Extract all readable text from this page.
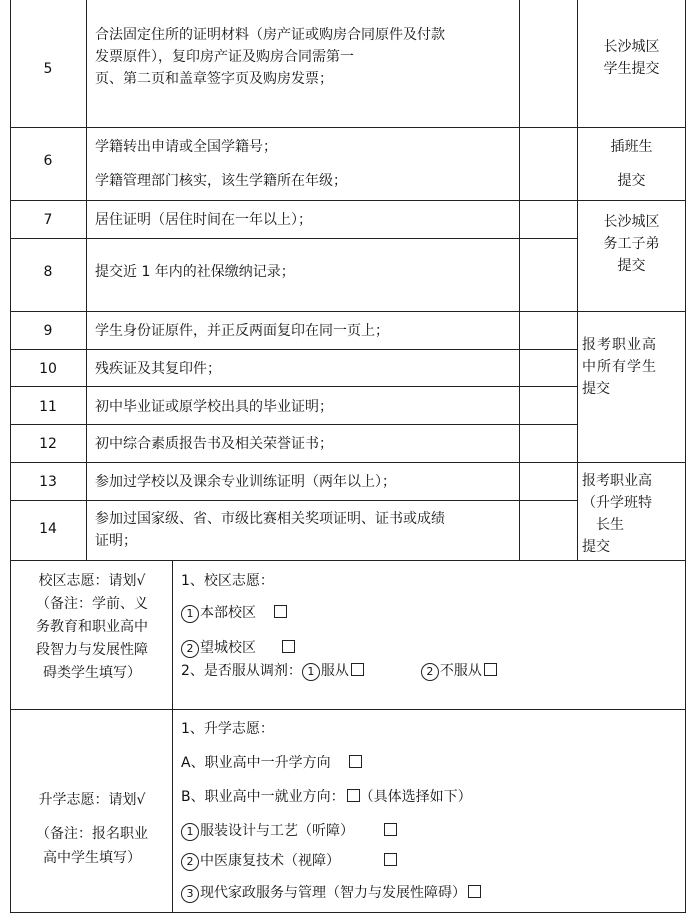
5
6
7
8
9
10
11
12
13
14
合法固定住所的证明材料（房产证或购房合同原件及付款
发票原件），复印房产证及购房合同需第一
页、第二页和盖章签字页及购房发票；
学籍转出申请或全国学籍号；
学籍管理部门核实，该生学籍所在年级；
居住证明（居住时间在一年以上）；
提交近 1 年内的社保缴纳记录；
学生身份证原件，并正反两面复印在同一页上；
残疾证及其复印件；
初中毕业证或原学校出具的毕业证明；
初中综合素质报告书及相关荣誉证书；
参加过学校以及课余专业训练证明（两年以上）；
参加过国家级、省、市级比赛相关奖项证明、证书或成绩
证明；
长沙城区
学生提交
插班生
提交
长沙城区
务工子弟
提交
报考职业高
中所有学生
提交
报考职业高
（升学班特
长生
提交
校区志愿：请划√
（备注：学前、义
务教育和职业高中
段智力与发展性障
碍类学生填写）
1、校区志愿：
1 本部校区
2 望城校区
2、是否服从调剂： 1 服从	2 不服从
升学志愿：请划√
（备注：报名职业
高中学生填写）
1、升学志愿：
A、职业高中一升学方向
B、职业高中一就业方向： （具体选择如下）
1 服装设计与工艺（听障）
2 中医康复技术（视障）
3 现代家政服务与管理（智力与发展性障碍）
